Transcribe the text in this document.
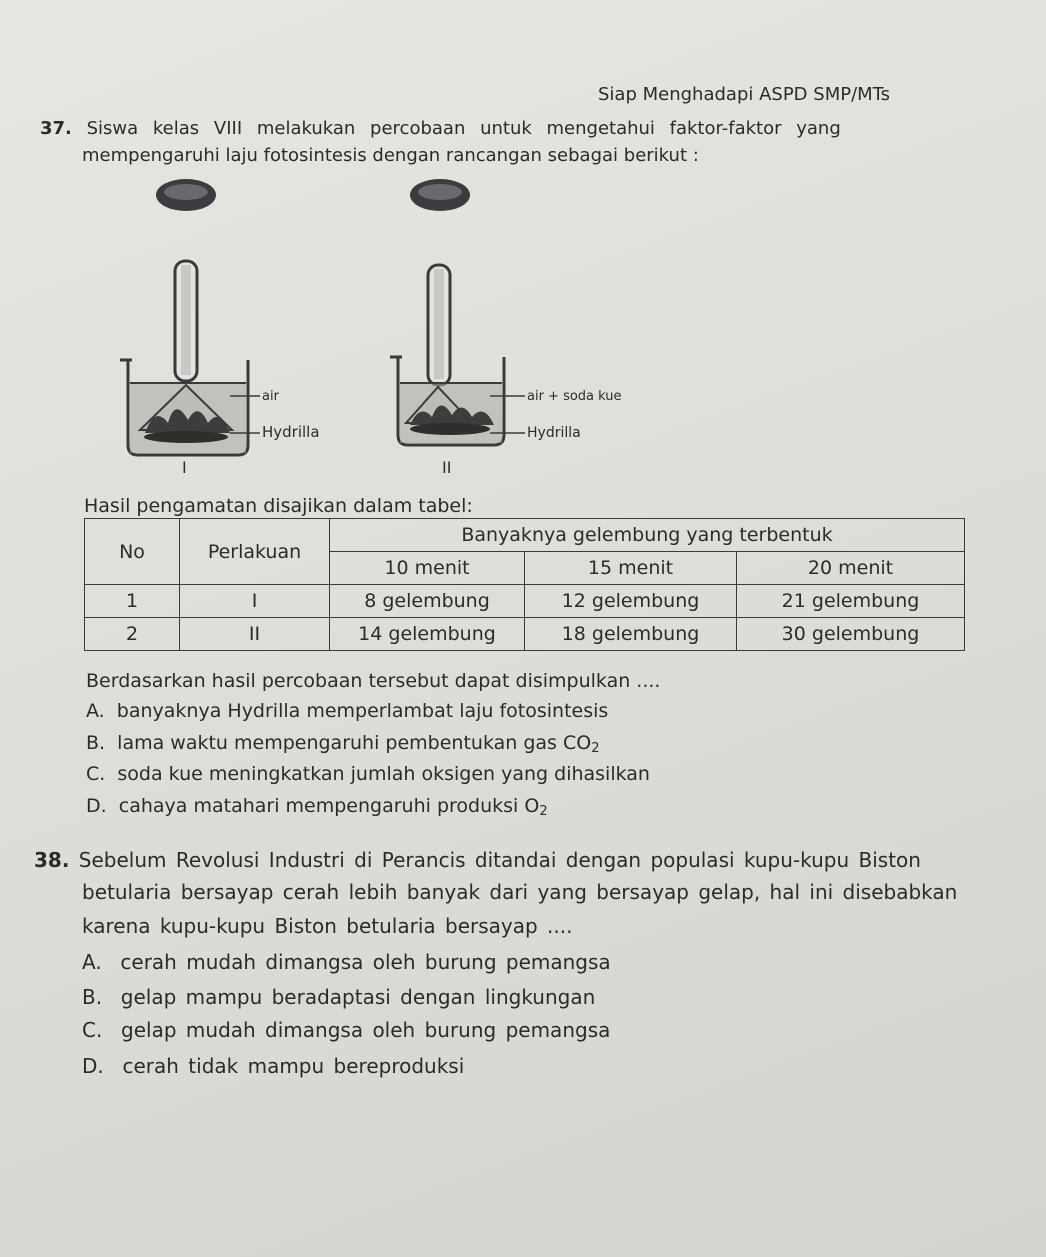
Siap Menghadapi ASPD SMP/MTs
37. Siswa kelas VIII melakukan percobaan untuk mengetahui faktor-faktor yang
mempengaruhi laju fotosintesis dengan rancangan sebagai berikut :
air
Hydrilla
I
air + soda kue
Hydrilla
II
Hasil pengamatan disajikan dalam tabel:
No	Perlakuan	Banyaknya gelembung yang terbentuk		
		10 menit	15 menit	20 menit
1	I	8 gelembung	12 gelembung	21 gelembung
2	II	14 gelembung	18 gelembung	30 gelembung
Berdasarkan hasil percobaan tersebut dapat disimpulkan ....
A. banyaknya Hydrilla memperlambat laju fotosintesis
B. lama waktu mempengaruhi pembentukan gas $CO_2$
C. soda kue meningkatkan jumlah oksigen yang dihasilkan
D. cahaya matahari mempengaruhi produksi $O_2$
38. Sebelum Revolusi Industri di Perancis ditandai dengan populasi kupu-kupu Biston
betularia bersayap cerah lebih banyak dari yang bersayap gelap, hal ini disebabkan
karena kupu-kupu Biston betularia bersayap ....
A. cerah mudah dimangsa oleh burung pemangsa
B. gelap mampu beradaptasi dengan lingkungan
C. gelap mudah dimangsa oleh burung pemangsa
D. cerah tidak mampu bereproduksi
